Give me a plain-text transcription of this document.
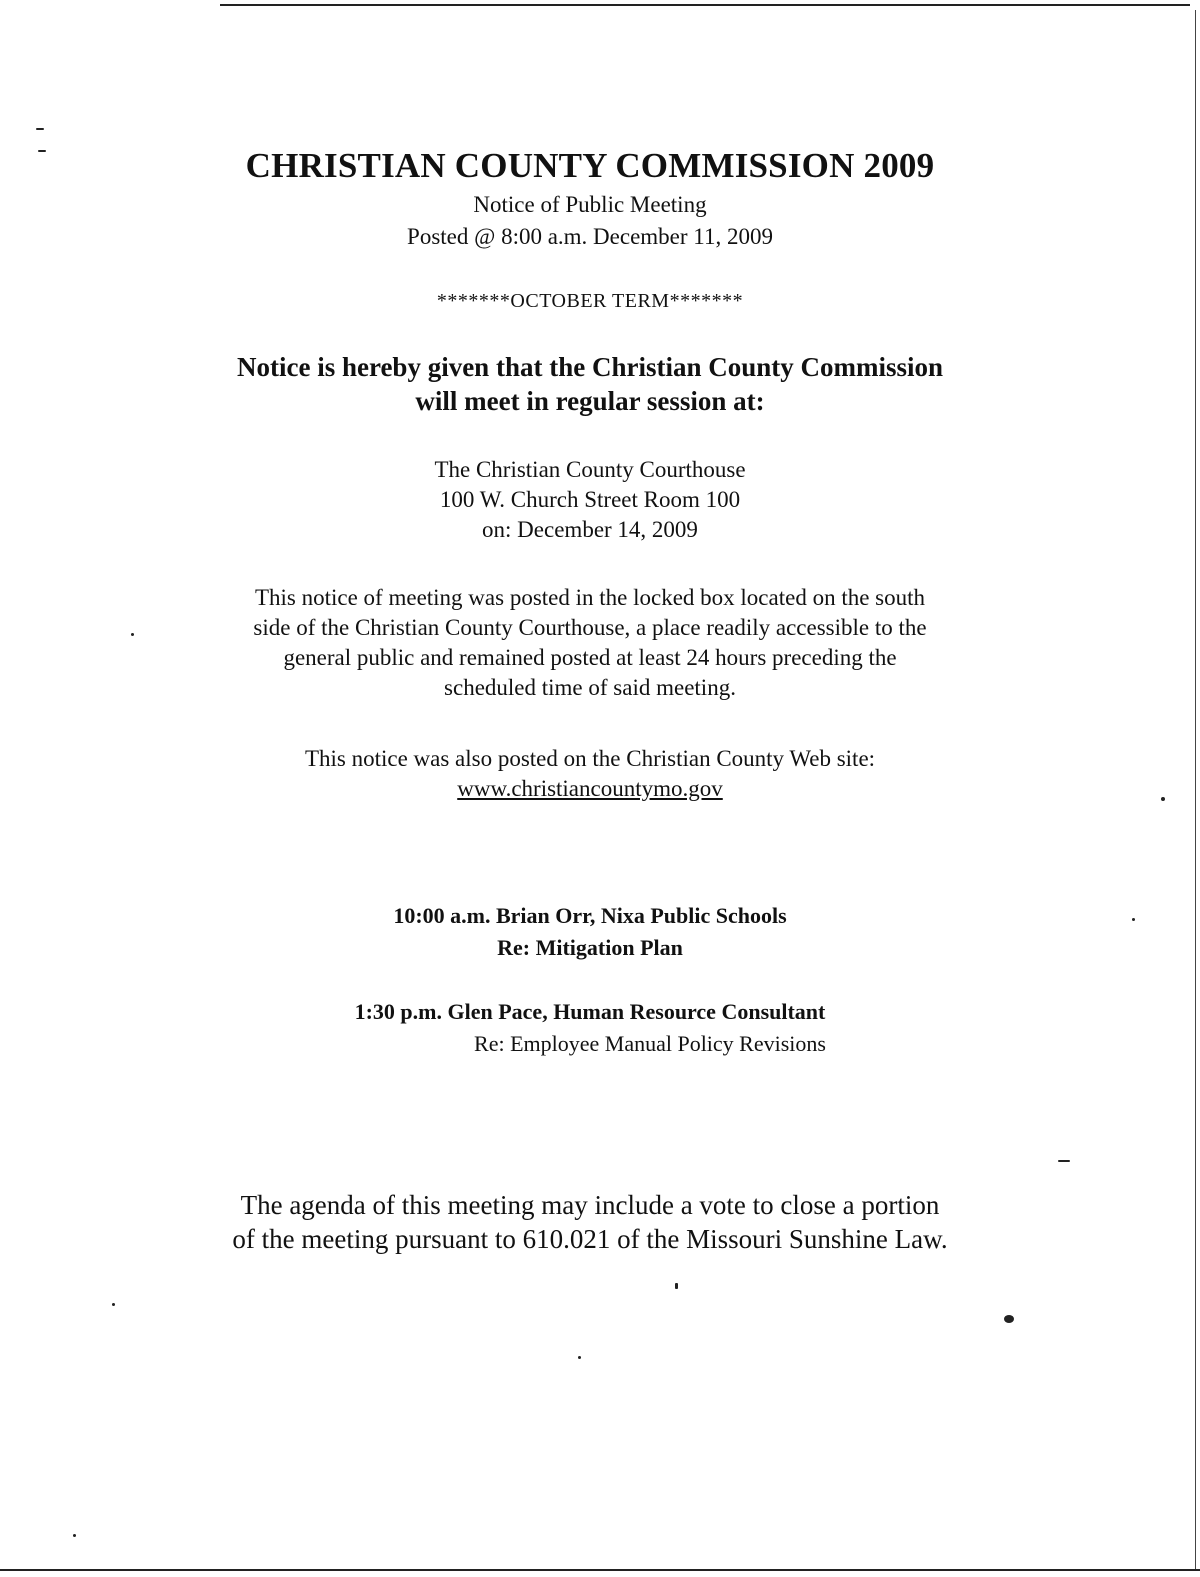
CHRISTIAN COUNTY COMMISSION 2009
Notice of Public Meeting
Posted @ 8:00 a.m. December 11, 2009
*******OCTOBER TERM*******
Notice is hereby given that the Christian County Commission
will meet in regular session at:
The Christian County Courthouse
100 W. Church Street Room 100
on: December 14, 2009
This notice of meeting was posted in the locked box located on the south
side of the Christian County Courthouse, a place readily accessible to the
general public and remained posted at least 24 hours preceding the
scheduled time of said meeting.
This notice was also posted on the Christian County Web site:
www.christiancountymo.gov
10:00 a.m. Brian Orr, Nixa Public Schools
Re: Mitigation Plan
1:30 p.m. Glen Pace, Human Resource Consultant
Re: Employee Manual Policy Revisions
The agenda of this meeting may include a vote to close a portion
of the meeting pursuant to 610.021 of the Missouri Sunshine Law.
